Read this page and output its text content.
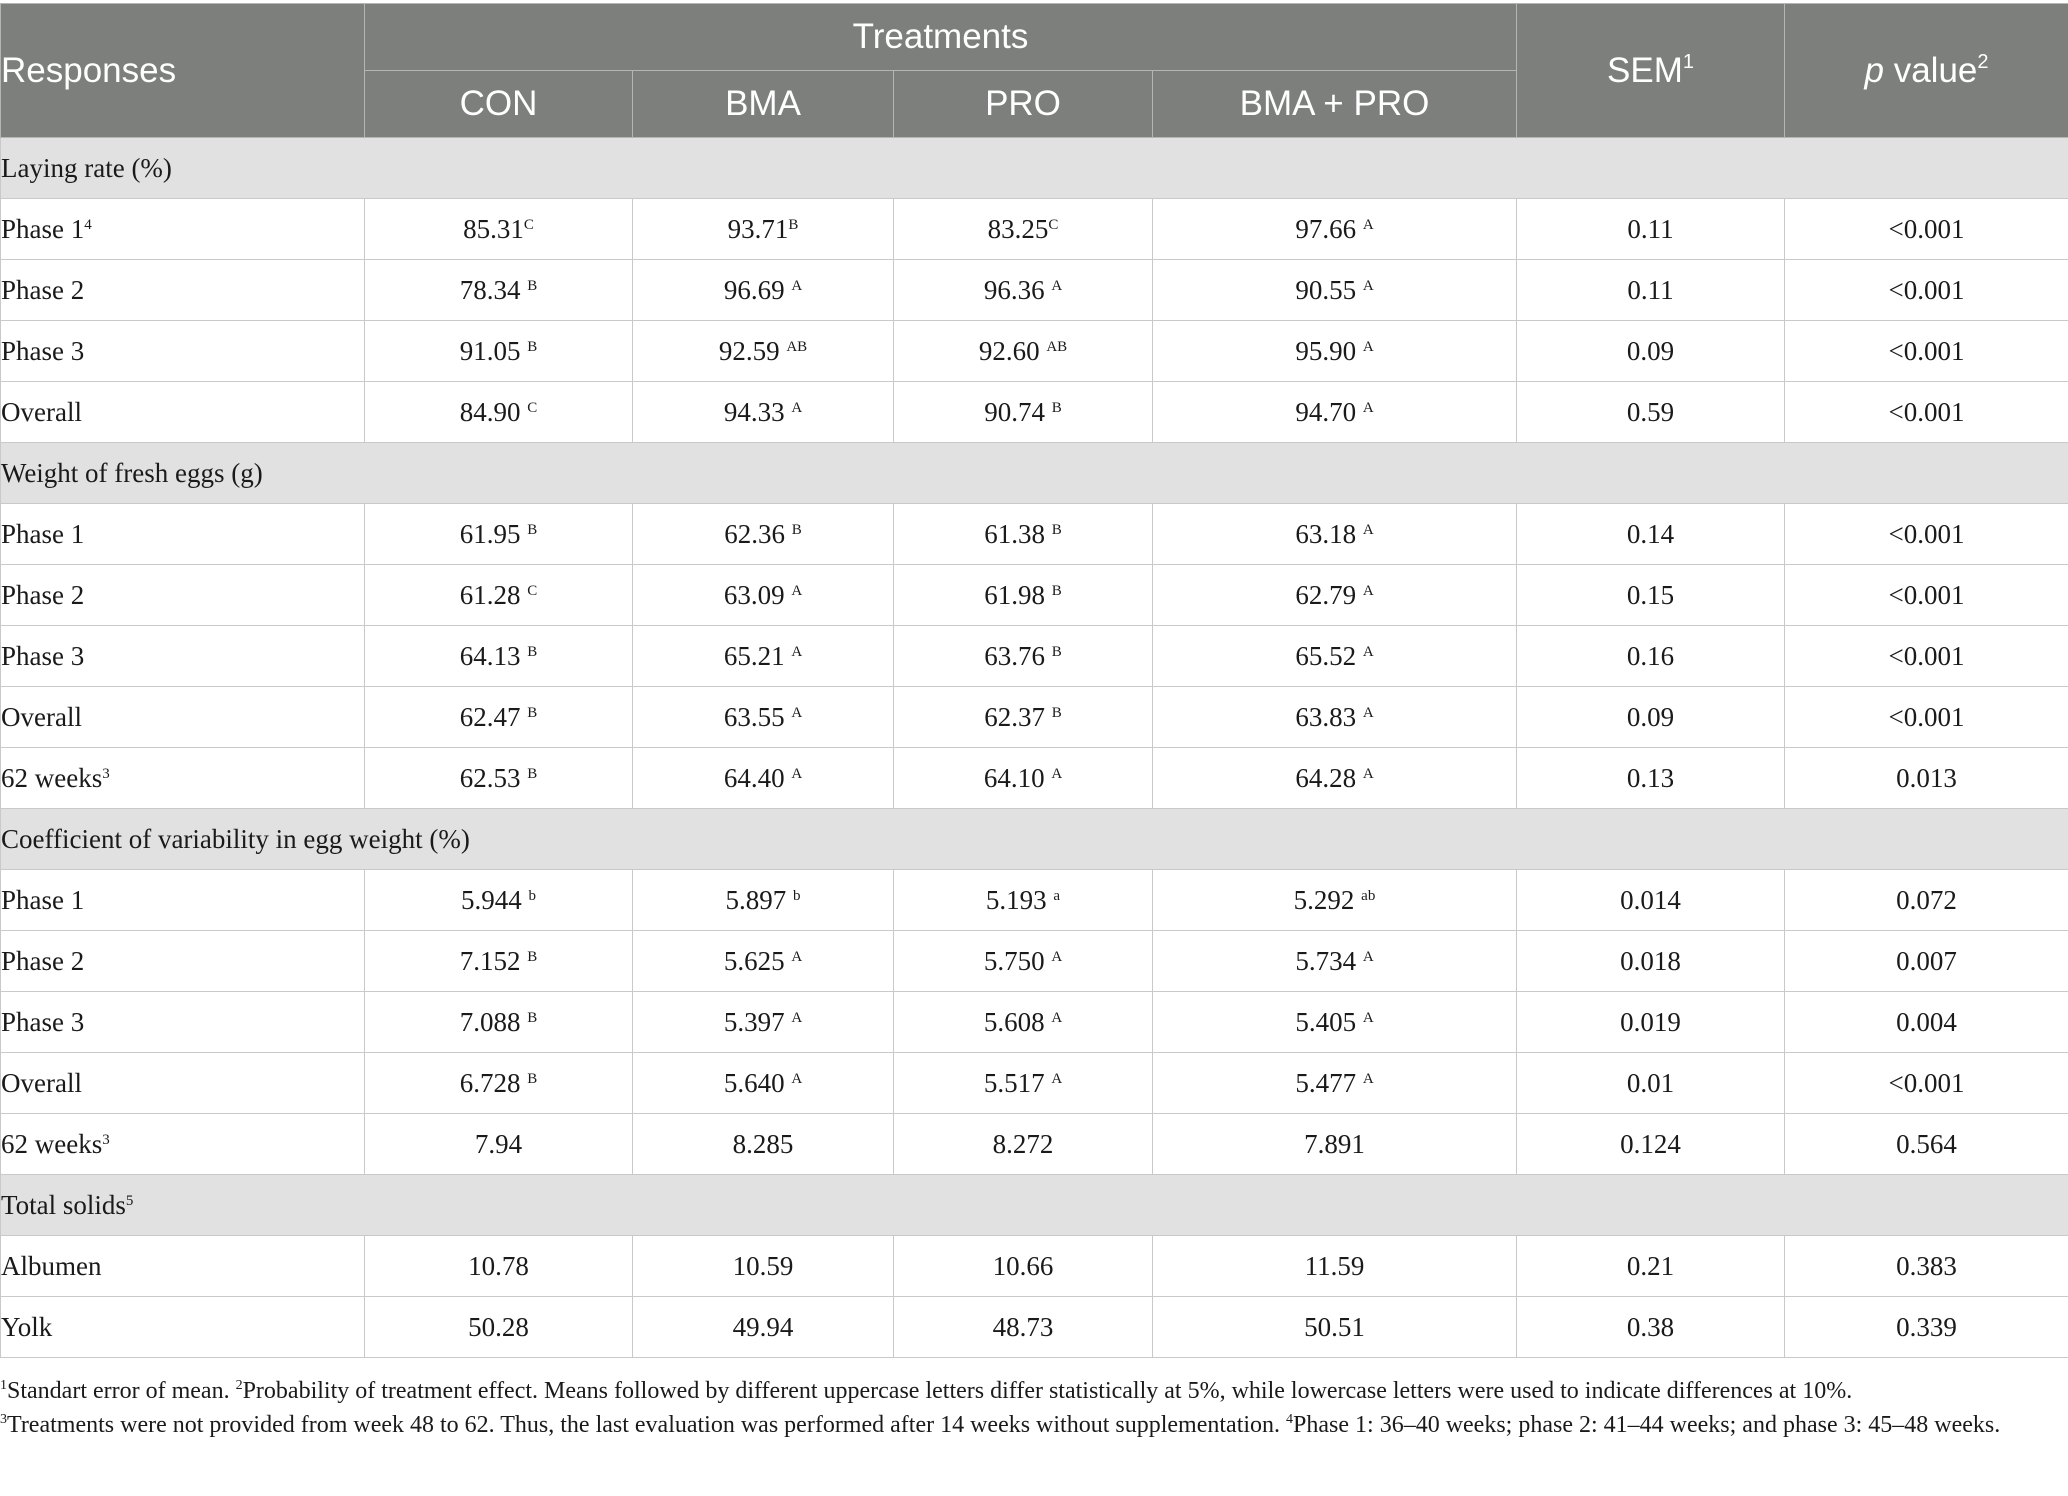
Responses	Treatments				SEM$^1$	p value$^2$
	CON	BMA	PRO	BMA + PRO		
Laying rate (%)						
Phase $1^4$	$85.31^C$	$93.71^B$	$83.25^C$	97.66 $^A$	0.11	<0.001
Phase 2	78.34 $^B$	96.69 $^A$	96.36 $^A$	90.55 $^A$	0.11	<0.001
Phase 3	91.05 $^B$	92.59 $^{AB}$	92.60 $^{AB}$	95.90 $^A$	0.09	<0.001
Overall	84.90 $^C$	94.33 $^A$	90.74 $^B$	94.70 $^A$	0.59	<0.001
Weight of fresh eggs (g)						
Phase 1	61.95 $^B$	62.36 $^B$	61.38 $^B$	63.18 $^A$	0.14	<0.001
Phase 2	61.28 $^C$	63.09 $^A$	61.98 $^B$	62.79 $^A$	0.15	<0.001
Phase 3	64.13 $^B$	65.21 $^A$	63.76 $^B$	65.52 $^A$	0.16	<0.001
Overall	62.47 $^B$	63.55 $^A$	62.37 $^B$	63.83 $^A$	0.09	<0.001
62 weeks$^3$	62.53 $^B$	64.40 $^A$	64.10 $^A$	64.28 $^A$	0.13	0.013
Coefficient of variability in egg weight (%)						
Phase 1	5.944 $^b$	5.897 $^b$	5.193 $^a$	5.292 $^{ab}$	0.014	0.072
Phase 2	7.152 $^B$	5.625 $^A$	5.750 $^A$	5.734 $^A$	0.018	0.007
Phase 3	7.088 $^B$	5.397 $^A$	5.608 $^A$	5.405 $^A$	0.019	0.004
Overall	6.728 $^B$	5.640 $^A$	5.517 $^A$	5.477 $^A$	0.01	<0.001
62 weeks$^3$	7.94	8.285	8.272	7.891	0.124	0.564
Total solids$^5$
Albumen	10.78	10.59	10.66	11.59	0.21	0.383
Yolk	50.28	49.94	48.73	50.51	0.38	0.339

$^1$Standart error of mean. $^2$Probability of treatment effect. Means followed by different uppercase letters differ statistically at 5%, while lowercase letters were used to indicate differences at 10%.

$^3$Treatments were not provided from week 48 to 62. Thus, the last evaluation was performed after 14 weeks without supplementation. $^4$Phase 1: 36–40 weeks; phase 2: 41–44 weeks; and phase 3: 45–48 weeks.
